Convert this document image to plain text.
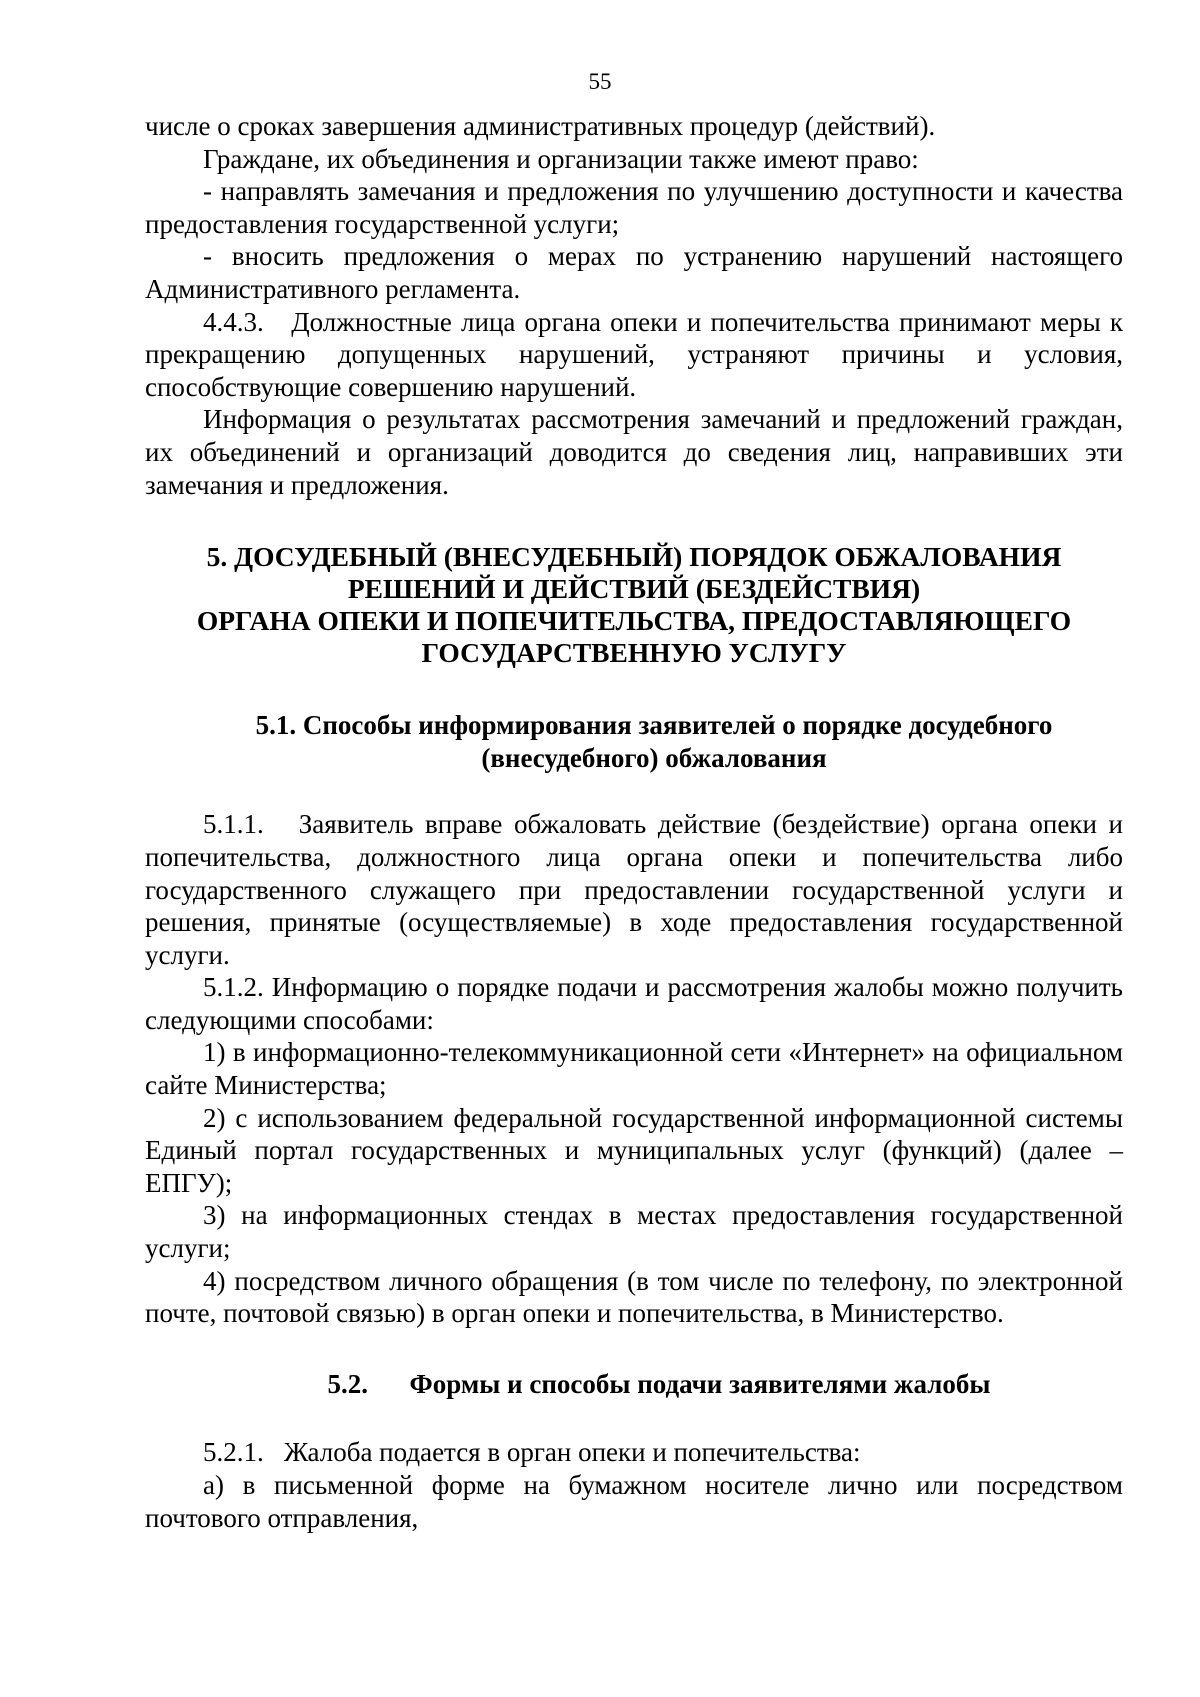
55

числе о сроках завершения административных процедур (действий).

Граждане, их объединения и организации также имеют право:

- направлять замечания и предложения по улучшению доступности и качества предоставления государственной услуги;

- вносить предложения о мерах по устранению нарушений настоящего Административного регламента.

4.4.3.   Должностные лица органа опеки и попечительства принимают меры к прекращению допущенных нарушений, устраняют причины и условия, способствующие совершению нарушений.

Информация о результатах рассмотрения замечаний и предложений граждан, их объединений и организаций доводится до сведения лиц, направивших эти замечания и предложения.

5. ДОСУДЕБНЫЙ (ВНЕСУДЕБНЫЙ) ПОРЯДОК ОБЖАЛОВАНИЯ
РЕШЕНИЙ И ДЕЙСТВИЙ (БЕЗДЕЙСТВИЯ)
ОРГАНА ОПЕКИ И ПОПЕЧИТЕЛЬСТВА, ПРЕДОСТАВЛЯЮЩЕГО
ГОСУДАРСТВЕННУЮ УСЛУГУ
5.1. Способы информирования заявителей о порядке досудебного
(внесудебного) обжалования

5.1.1.   Заявитель вправе обжаловать действие (бездействие) органа опеки и попечительства, должностного лица органа опеки и попечительства либо государственного служащего при предоставлении государственной услуги и решения, принятые (осуществляемые) в ходе предоставления государственной услуги.

5.1.2. Информацию о порядке подачи и рассмотрения жалобы можно получить следующими способами:

1) в информационно-телекоммуникационной сети «Интернет» на официальном сайте Министерства;

2) с использованием федеральной государственной информационной системы Единый портал государственных и муниципальных услуг (функций) (далее – ЕПГУ);

3) на информационных стендах в местах предоставления государственной услуги;

4) посредством личного обращения (в том числе по телефону, по электронной почте, почтовой связью) в орган опеки и попечительства, в Министерство.

5.2. Формы и способы подачи заявителями жалобы

5.2.1.   Жалоба подается в орган опеки и попечительства:

а) в письменной форме на бумажном носителе лично или посредством почтового отправления,
